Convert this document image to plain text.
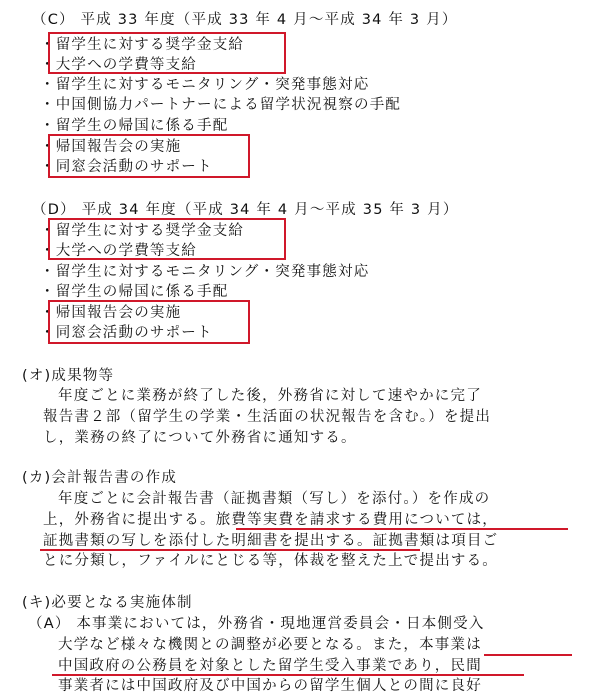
（C） 平成 33 年度（平成 33 年 4 月～平成 34 年 3 月）
・留学生に対する奨学金支給
・大学への学費等支給
・留学生に対するモニタリング・突発事態対応
・中国側協力パートナーによる留学状況視察の手配
・留学生の帰国に係る手配
・帰国報告会の実施
・同窓会活動のサポート
（D） 平成 34 年度（平成 34 年 4 月～平成 35 年 3 月）
・留学生に対する奨学金支給
・大学への学費等支給
・留学生に対するモニタリング・突発事態対応
・留学生の帰国に係る手配
・帰国報告会の実施
・同窓会活動のサポート
(オ)成果物等
年度ごとに業務が終了した後，外務省に対して速やかに完了
報告書２部（留学生の学業・生活面の状況報告を含む。）を提出
し，業務の終了について外務省に通知する。
(カ)会計報告書の作成
年度ごとに会計報告書（証拠書類（写し）を添付。）を作成の
上，外務省に提出する。旅費等実費を請求する費用については，
証拠書類の写しを添付した明細書を提出する。証拠書類は項目ご
とに分類し，ファイルにとじる等，体裁を整えた上で提出する。
(キ)必要となる実施体制
（A） 本事業においては，外務省・現地運営委員会・日本側受入
大学など様々な機関との調整が必要となる。また，本事業は
中国政府の公務員を対象とした留学生受入事業であり，民間
事業者には中国政府及び中国からの留学生個人との間に良好
